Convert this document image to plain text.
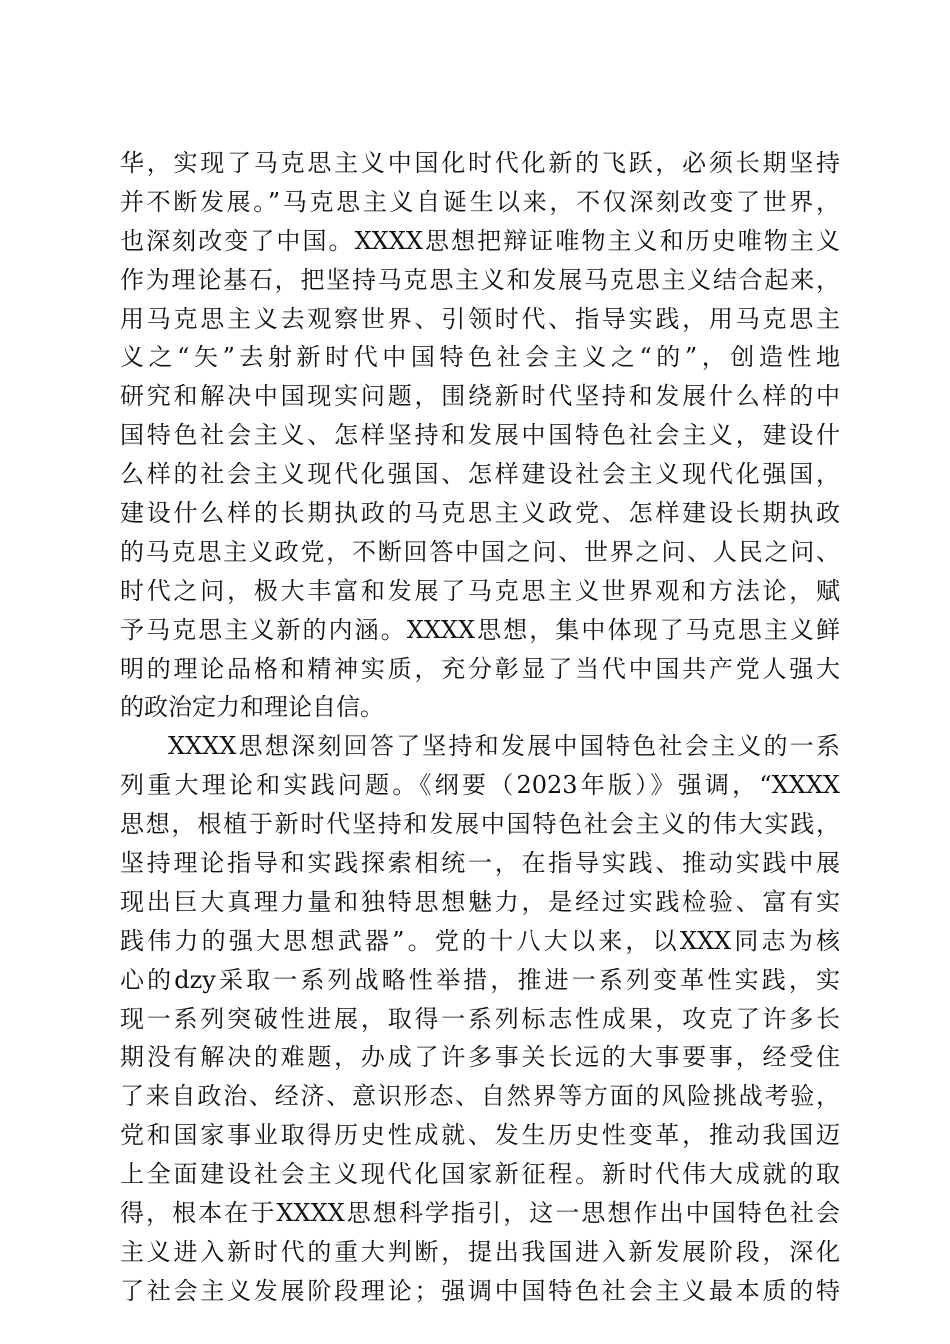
华，实现了马克思主义中国化时代化新的飞跃，必须长期坚持
并不断发展。”马克思主义自诞生以来，不仅深刻改变了世界，
也深刻改变了中国。XXXX思想把辩证唯物主义和历史唯物主义
作为理论基石，把坚持马克思主义和发展马克思主义结合起来，
用马克思主义去观察世界、引领时代、指导实践，用马克思主
义之“矢”去射新时代中国特色社会主义之“的”，创造性地
研究和解决中国现实问题，围绕新时代坚持和发展什么样的中
国特色社会主义、怎样坚持和发展中国特色社会主义，建设什
么样的社会主义现代化强国、怎样建设社会主义现代化强国，
建设什么样的长期执政的马克思主义政党、怎样建设长期执政
的马克思主义政党，不断回答中国之问、世界之问、人民之问、
时代之问，极大丰富和发展了马克思主义世界观和方法论，赋
予马克思主义新的内涵。XXXX思想，集中体现了马克思主义鲜
明的理论品格和精神实质，充分彰显了当代中国共产党人强大
的政治定力和理论自信。
XXXX思想深刻回答了坚持和发展中国特色社会主义的一系
列重大理论和实践问题。《纲要（2023年版）》强调，“XXXX
思想，根植于新时代坚持和发展中国特色社会主义的伟大实践，
坚持理论指导和实践探索相统一，在指导实践、推动实践中展
现出巨大真理力量和独特思想魅力，是经过实践检验、富有实
践伟力的强大思想武器”。党的十八大以来，以XXX同志为核
心的dzy采取一系列战略性举措，推进一系列变革性实践，实
现一系列突破性进展，取得一系列标志性成果，攻克了许多长
期没有解决的难题，办成了许多事关长远的大事要事，经受住
了来自政治、经济、意识形态、自然界等方面的风险挑战考验，
党和国家事业取得历史性成就、发生历史性变革，推动我国迈
上全面建设社会主义现代化国家新征程。新时代伟大成就的取
得，根本在于XXXX思想科学指引，这一思想作出中国特色社会
主义进入新时代的重大判断，提出我国进入新发展阶段，深化
了社会主义发展阶段理论；强调中国特色社会主义最本质的特
